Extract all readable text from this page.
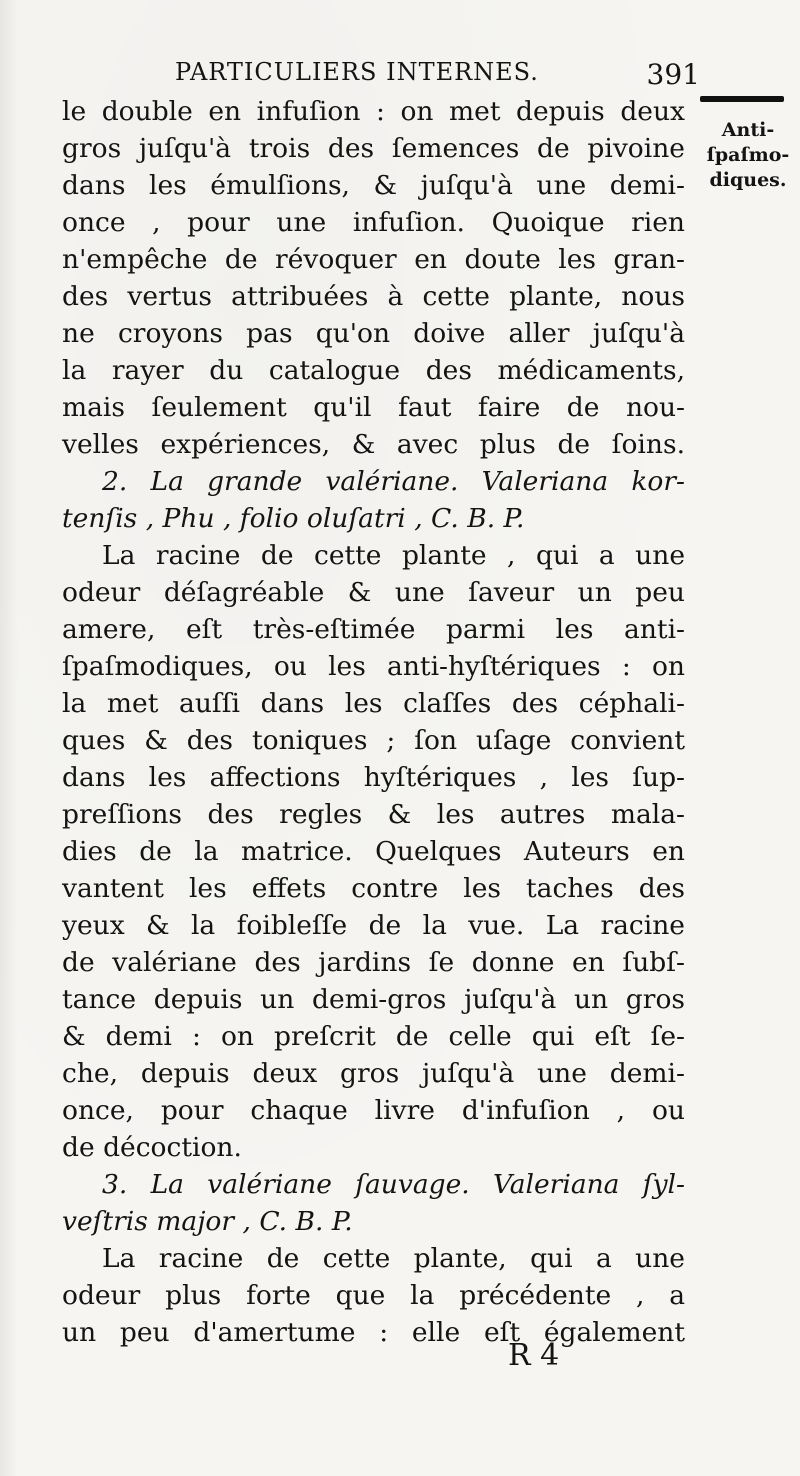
PARTICULIERS INTERNES.	391
Anti-
ſpaſmo-
diques.
le double en infuſion : on met depuis deux
gros juſqu'à trois des ſemences de pivoine
dans les émulſions, & juſqu'à une demi-
once , pour une infuſion. Quoique rien
n'empêche de révoquer en doute les gran-
des vertus attribuées à cette plante, nous
ne croyons pas qu'on doive aller juſqu'à
la rayer du catalogue des médicaments,
mais ſeulement qu'il faut faire de nou-
velles expériences, & avec plus de ſoins.
2. La grande valériane. Valeriana kor-
tenſis , Phu , folio oluſatri , C. B. P.
La racine de cette plante , qui a une
odeur déſagréable & une ſaveur un peu
amere, eſt très-eſtimée parmi les anti-
ſpaſmodiques, ou les anti-hyſtériques : on
la met auſſi dans les claſſes des céphali-
ques & des toniques ; ſon uſage convient
dans les affections hyſtériques , les ſup-
preſſions des regles & les autres mala-
dies de la matrice. Quelques Auteurs en
vantent les effets contre les taches des
yeux & la foibleſſe de la vue. La racine
de valériane des jardins ſe donne en ſubſ-
tance depuis un demi-gros juſqu'à un gros
& demi : on preſcrit de celle qui eſt ſe-
che, depuis deux gros juſqu'à une demi-
once, pour chaque livre d'infuſion , ou
de décoction.
3. La valériane ſauvage. Valeriana ſyl-
veſtris major , C. B. P.
La racine de cette plante, qui a une
odeur plus forte que la précédente , a
un peu d'amertume : elle eſt également
R 4
